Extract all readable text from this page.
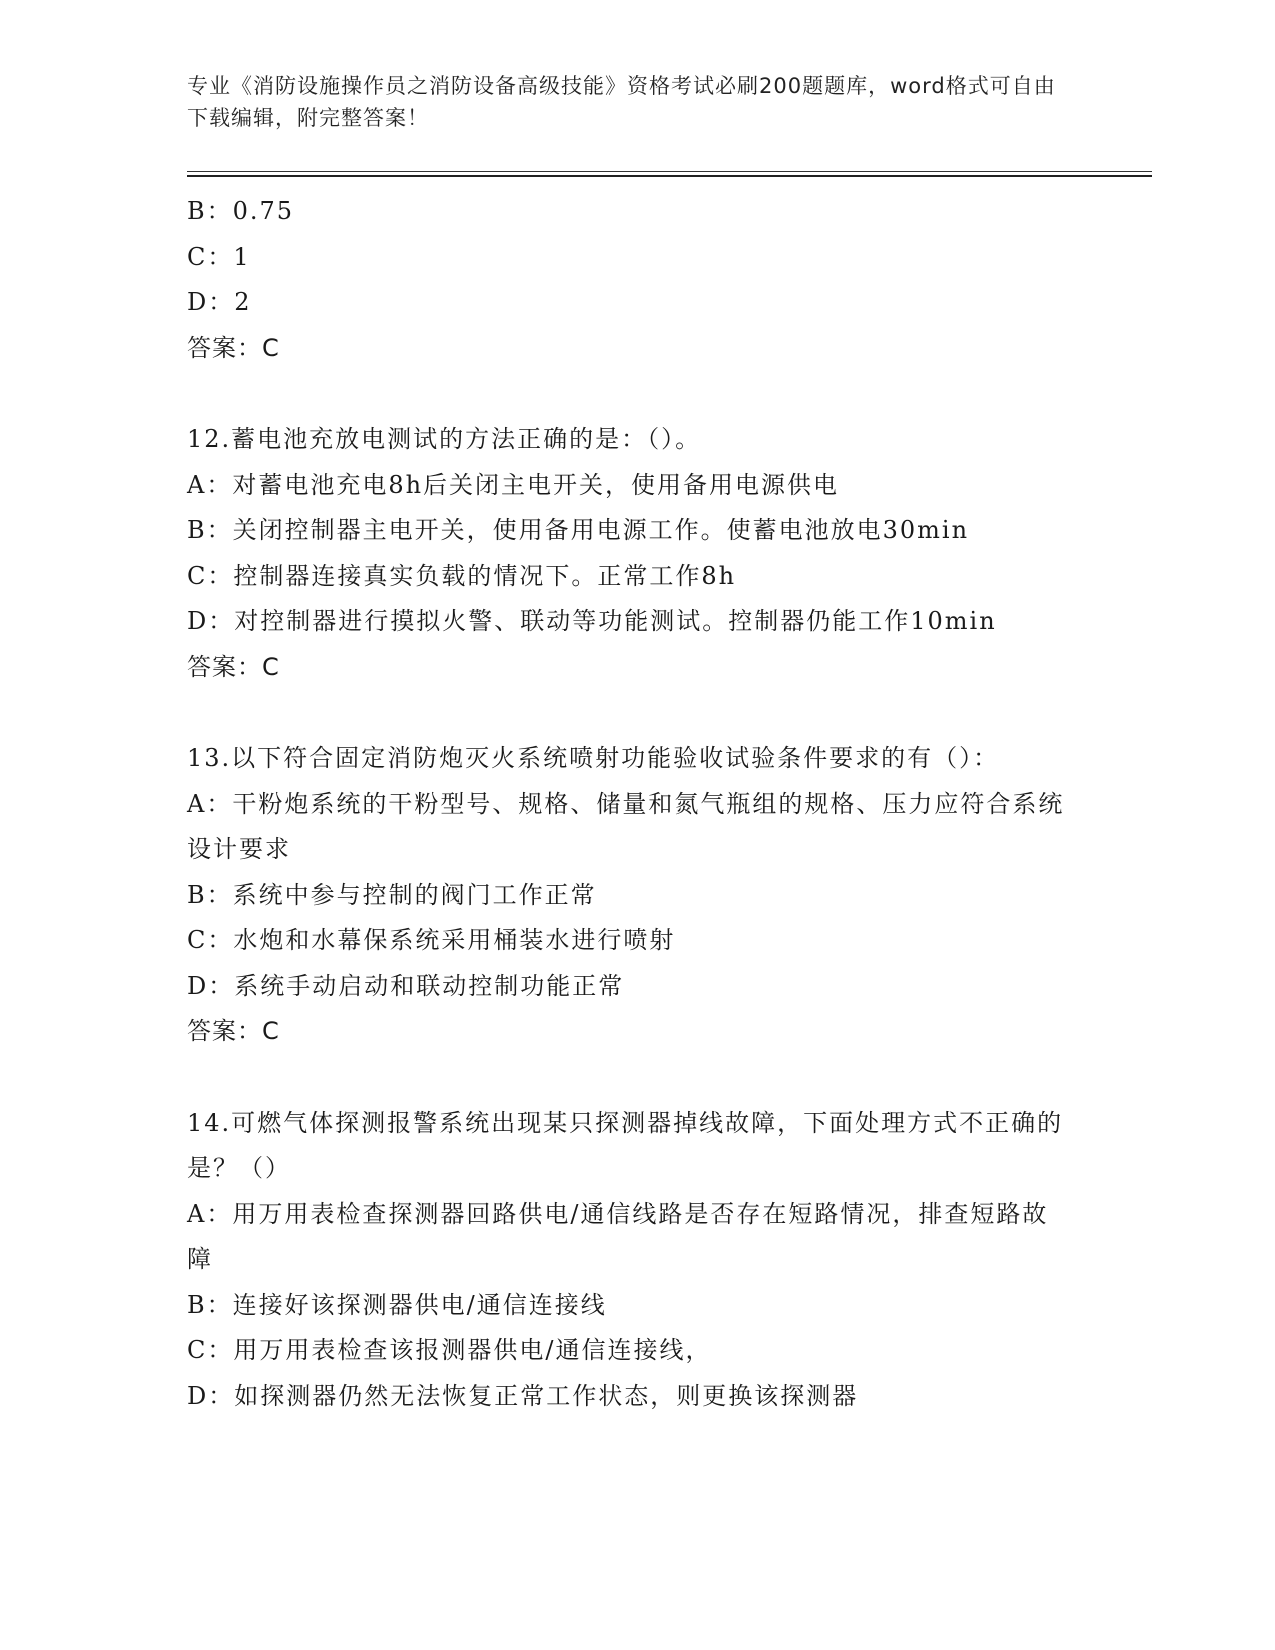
专业《消防设施操作员之消防设备高级技能》资格考试必刷200题题库，word格式可自由下载编辑，附完整答案！
B：0.75
C：1
D：2
答案：C
12.蓄电池充放电测试的方法正确的是：（）。
A：对蓄电池充电8h后关闭主电开关，使用备用电源供电
B：关闭控制器主电开关，使用备用电源工作。使蓄电池放电30min
C：控制器连接真实负载的情况下。正常工作8h
D：对控制器进行摸拟火警、联动等功能测试。控制器仍能工作10min
答案：C
13.以下符合固定消防炮灭火系统喷射功能验收试验条件要求的有（）：
A：干粉炮系统的干粉型号、规格、储量和氮气瓶组的规格、压力应符合系统设计要求
B：系统中参与控制的阀门工作正常
C：水炮和水幕保系统采用桶装水进行喷射
D：系统手动启动和联动控制功能正常
答案：C
14.可燃气体探测报警系统出现某只探测器掉线故障，下面处理方式不正确的是？（）
A：用万用表检查探测器回路供电/通信线路是否存在短路情况，排查短路故障
B：连接好该探测器供电/通信连接线
C：用万用表检查该报测器供电/通信连接线，
D：如探测器仍然无法恢复正常工作状态，则更换该探测器
